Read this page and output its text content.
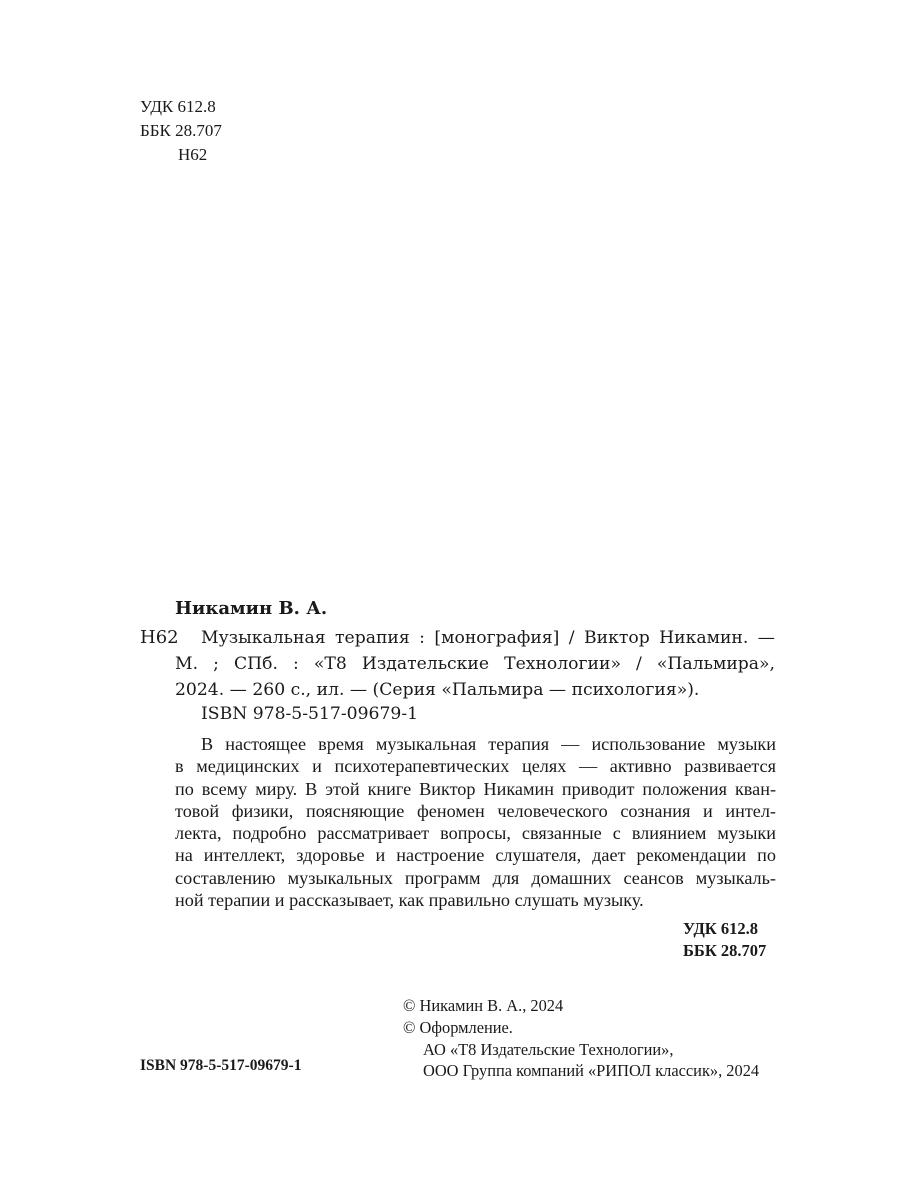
УДК 612.8
ББК 28.707
Н62
Никамин В. А.
Н62	Музыкальная терапия : [монография] / Виктор Никамин. —
М. ; СПб. : «Т8 Издательские Технологии» / «Пальмира»,
2024. — 260 с., ил. — (Серия «Пальмира — психология»).
ISBN 978-5-517-09679-1
В настоящее время музыкальная терапия — использование музыки
в медицинских и психотерапевтических целях — активно развивается
по всему миру. В этой книге Виктор Никамин приводит положения кван-
товой физики, поясняющие феномен человеческого сознания и интел-
лекта, подробно рассматривает вопросы, связанные с влиянием музыки
на интеллект, здоровье и настроение слушателя, дает рекомендации по
составлению музыкальных программ для домашних сеансов музыкаль-
ной терапии и рассказывает, как правильно слушать музыку.
УДК 612.8
ББК 28.707
© Никамин В. А., 2024
© Оформление.
АО «Т8 Издательские Технологии»,
ООО Группа компаний «РИПОЛ классик», 2024
ISBN 978-5-517-09679-1
